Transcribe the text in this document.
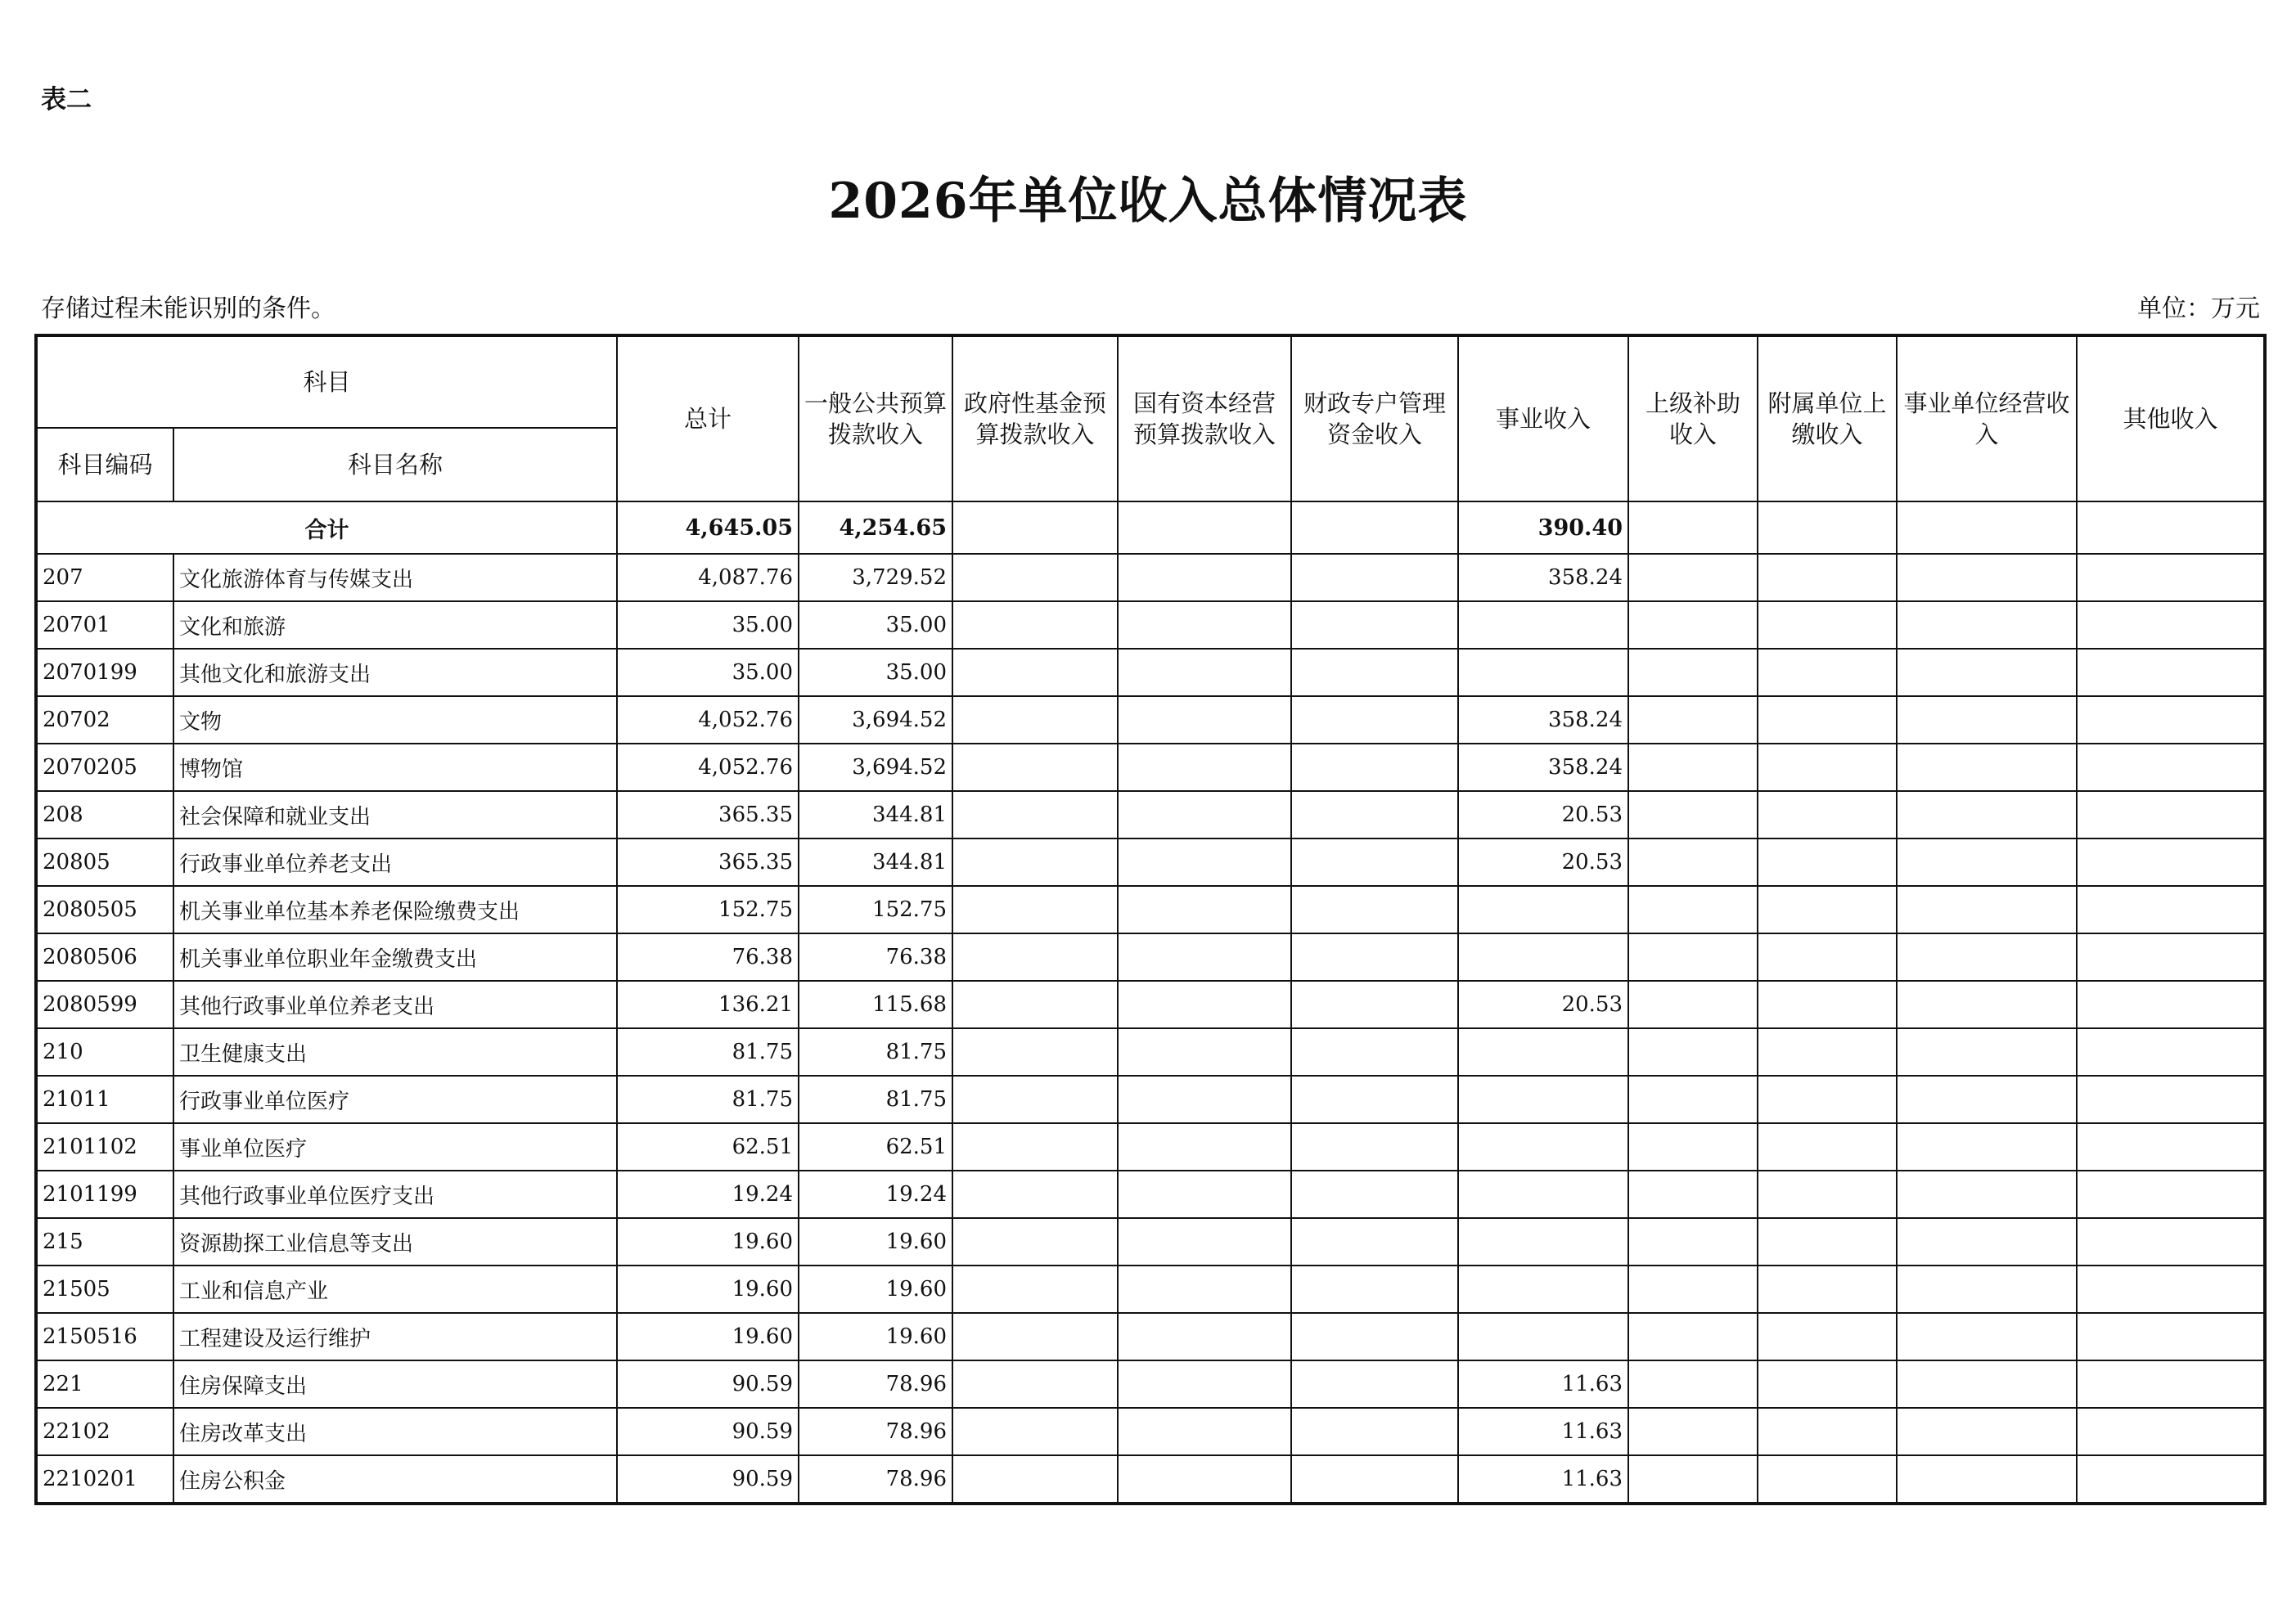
表二
2026年单位收入总体情况表
存储过程未能识别的条件。	单位：万元
科目		总计	一般公共预算拨款收入	政府性基金预算拨款收入	国有资本经营预算拨款收入	财政专户管理资金收入	事业收入	上级补助收入	附属单位上缴收入	事业单位经营收入	其他收入
科目编码	科目名称										
合计		4,645.05	4,254.65				390.40				
207	文化旅游体育与传媒支出	4,087.76	3,729.52				358.24				
20701	文化和旅游	35.00	35.00								
2070199	其他文化和旅游支出	35.00	35.00								
20702	文物	4,052.76	3,694.52				358.24				
2070205	博物馆	4,052.76	3,694.52				358.24				
208	社会保障和就业支出	365.35	344.81				20.53				
20805	行政事业单位养老支出	365.35	344.81				20.53				
2080505	机关事业单位基本养老保险缴费支出	152.75	152.75								
2080506	机关事业单位职业年金缴费支出	76.38	76.38								
2080599	其他行政事业单位养老支出	136.21	115.68				20.53				
210	卫生健康支出	81.75	81.75								
21011	行政事业单位医疗	81.75	81.75								
2101102	事业单位医疗	62.51	62.51								
2101199	其他行政事业单位医疗支出	19.24	19.24								
215	资源勘探工业信息等支出	19.60	19.60								
21505	工业和信息产业	19.60	19.60								
2150516	工程建设及运行维护	19.60	19.60								
221	住房保障支出	90.59	78.96				11.63				
22102	住房改革支出	90.59	78.96				11.63				
2210201	住房公积金	90.59	78.96				11.63				
